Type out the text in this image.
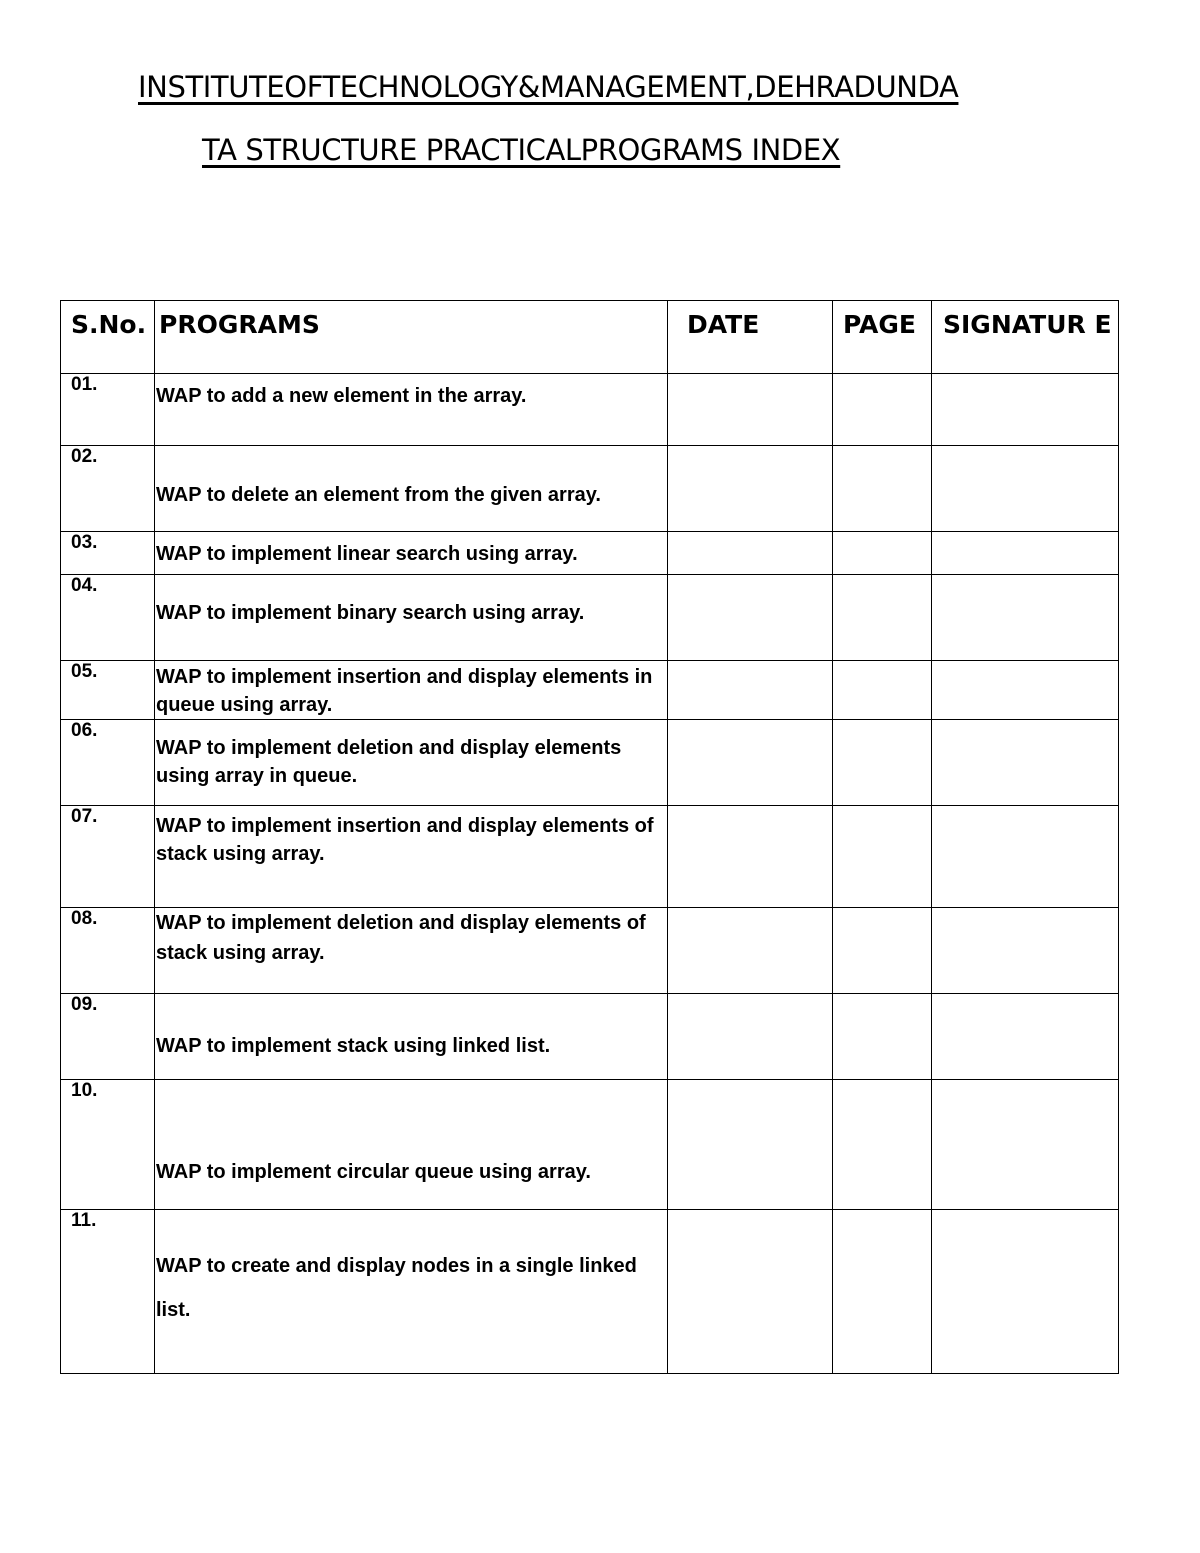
INSTITUTEOFTECHNOLOGY&MANAGEMENT,DEHRADUNDA
TA STRUCTURE PRACTICALPROGRAMS INDEX
S.No.	PROGRAMS	DATE	PAGE	SIGNATUR E
01.	WAP to add a new element in the array.			
02.	WAP to delete an element from the given array.			
03.	WAP to implement linear search using array.			
04.	WAP to implement binary search using array.			
05.	WAP to implement insertion and display elements in queue using array.			
06.	WAP to implement deletion and display elements using array in queue.			
07.	WAP to implement insertion and display elements of stack using array.			
08.	WAP to implement deletion and display elements of stack using array.			
09.	WAP to implement stack using linked list.			
10.	WAP to implement circular queue using array.			
11.	WAP to create and display nodes in a single linked list.			
